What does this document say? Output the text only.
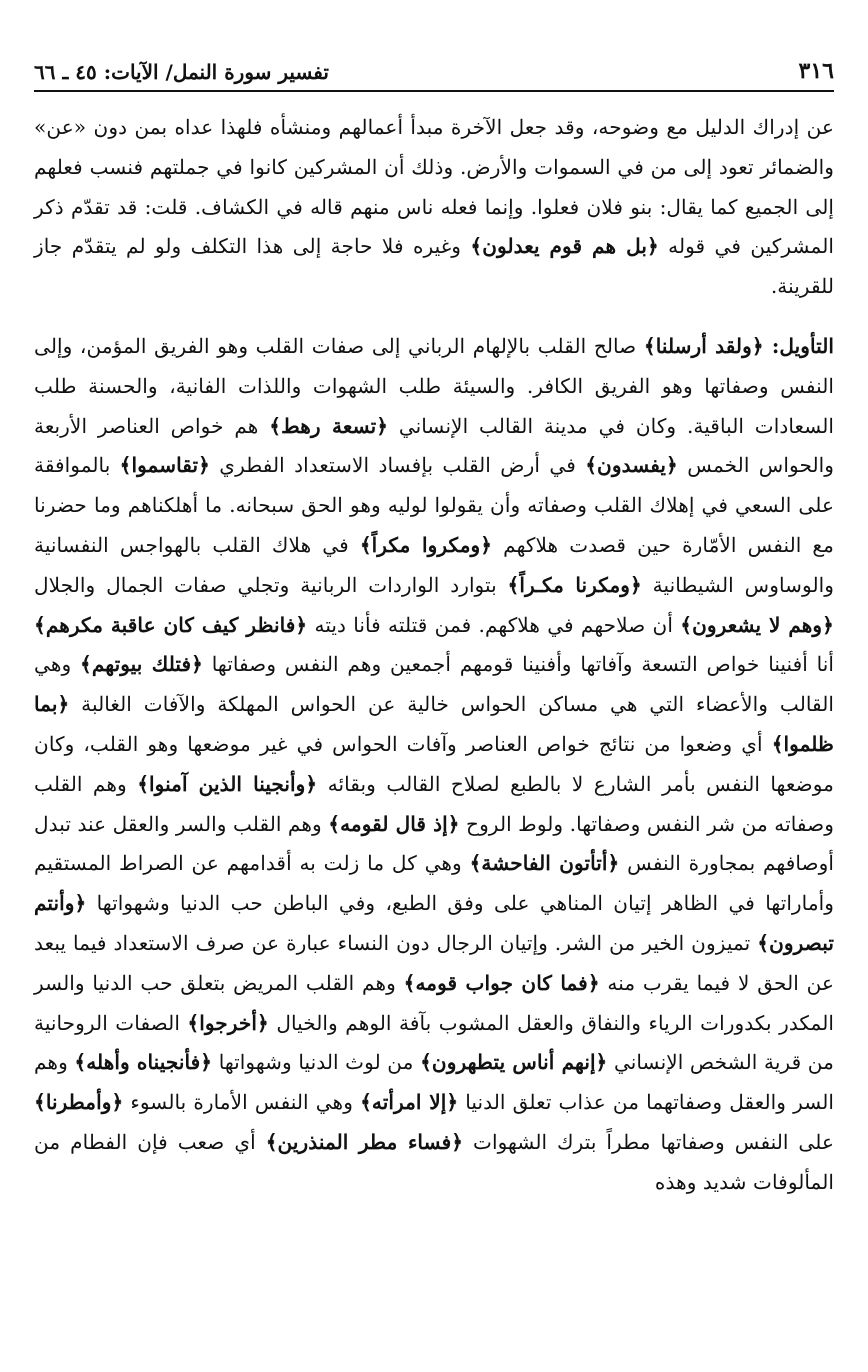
٣١٦
تفسير سورة النمل/ الآيات: ٤٥ ـ ٦٦

عن إدراك الدليل مع وضوحه، وقد جعل الآخرة مبدأ أعمالهم ومنشأه فلهذا عداه بمن دون «عن» والضمائر تعود إلى من في السموات والأرض. وذلك أن المشركين كانوا في جملتهم فنسب فعلهم إلى الجميع كما يقال: بنو فلان فعلوا. وإنما فعله ناس منهم قاله في الكشاف. قلت: قد تقدّم ذكر المشركين في قوله ﴿بل هم قوم يعدلون﴾ وغيره فلا حاجة إلى هذا التكلف ولو لم يتقدّم جاز للقرينة.

التأويل: ﴿ولقد أرسلنا﴾ صالح القلب بالإلهام الرباني إلى صفات القلب وهو الفريق المؤمن، وإلى النفس وصفاتها وهو الفريق الكافر. والسيئة طلب الشهوات واللذات الفانية، والحسنة طلب السعادات الباقية. وكان في مدينة القالب الإنساني ﴿تسعة رهط﴾ هم خواص العناصر الأربعة والحواس الخمس ﴿يفسدون﴾ في أرض القلب بإفساد الاستعداد الفطري ﴿تقاسموا﴾ بالموافقة على السعي في إهلاك القلب وصفاته وأن يقولوا لوليه وهو الحق سبحانه. ما أهلكناهم وما حضرنا مع النفس الأمّارة حين قصدت هلاكهم ﴿ومكروا مكراً﴾ في هلاك القلب بالهواجس النفسانية والوساوس الشيطانية ﴿ومكرنا مكـراً﴾ بتوارد الواردات الربانية وتجلي صفات الجمال والجلال ﴿وهم لا يشعرون﴾ أن صلاحهم في هلاكهم. فمن قتلته فأنا ديته ﴿فانظر كيف كان عاقبة مكرهم﴾ أنا أفنينا خواص التسعة وآفاتها وأفنينا قومهم أجمعين وهم النفس وصفاتها ﴿فتلك بيوتهم﴾ وهي القالب والأعضاء التي هي مساكن الحواس خالية عن الحواس المهلكة والآفات الغالبة ﴿بما ظلموا﴾ أي وضعوا من نتائج خواص العناصر وآفات الحواس في غير موضعها وهو القلب، وكان موضعها النفس بأمر الشارع لا بالطبع لصلاح القالب وبقائه ﴿وأنجينا الذين آمنوا﴾ وهم القلب وصفاته من شر النفس وصفاتها. ولوط الروح ﴿إذ قال لقومه﴾ وهم القلب والسر والعقل عند تبدل أوصافهم بمجاورة النفس ﴿أتأتون الفاحشة﴾ وهي كل ما زلت به أقدامهم عن الصراط المستقيم وأماراتها في الظاهر إتيان المناهي على وفق الطبع، وفي الباطن حب الدنيا وشهواتها ﴿وأنتم تبصرون﴾ تميزون الخير من الشر. وإتيان الرجال دون النساء عبارة عن صرف الاستعداد فيما يبعد عن الحق لا فيما يقرب منه ﴿فما كان جواب قومه﴾ وهم القلب المريض بتعلق حب الدنيا والسر المكدر بكدورات الرياء والنفاق والعقل المشوب بآفة الوهم والخيال ﴿أخرجوا﴾ الصفات الروحانية من قرية الشخص الإنساني ﴿إنهم أناس يتطهرون﴾ من لوث الدنيا وشهواتها ﴿فأنجيناه وأهله﴾ وهم السر والعقل وصفاتهما من عذاب تعلق الدنيا ﴿إلا امرأته﴾ وهي النفس الأمارة بالسوء ﴿وأمطرنا﴾ على النفس وصفاتها مطراً بترك الشهوات ﴿فساء مطر المنذرين﴾ أي صعب فإن الفطام من المألوفات شديد وهذه
